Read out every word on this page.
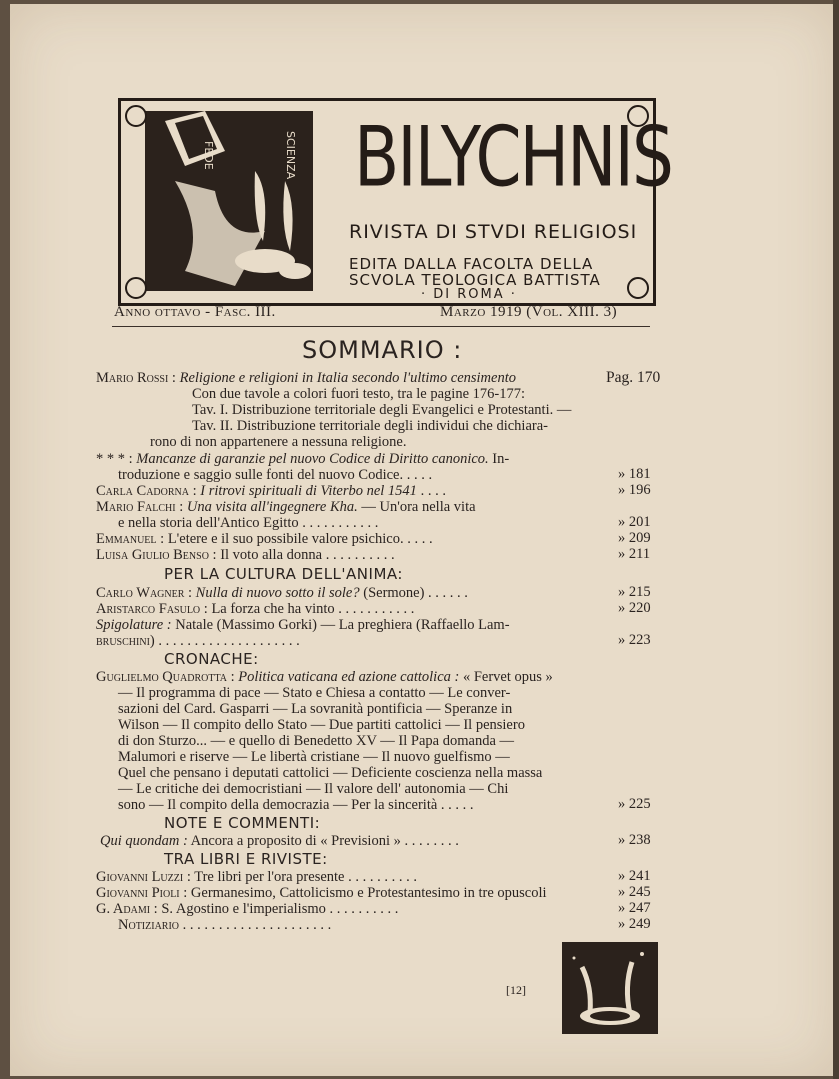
FEDE	SCIENZA BILYCHNIS
RIVISTA DI STVDI RELIGIOSI
EDITA DALLA FACOLTA DELLA
SCVOLA TEOLOGICA BATTISTA
· DI ROMA ·
Anno ottavo - Fasc. III.	Marzo 1919 (Vol. XIII. 3)
SOMMARIO :
Mario Rossi : Religione e religioni in Italia secondo l'ultimo censimento	Pag. 170
Con due tavole a colori fuori testo, tra le pagine 176-177:
Tav. I. Distribuzione territoriale degli Evangelici e Protestanti. —
Tav. II. Distribuzione territoriale degli individui che dichiara-
rono di non appartenere a nessuna religione.
* * * : Mancanze di garanzie pel nuovo Codice di Diritto canonico. In-
troduzione e saggio sulle fonti del nuovo Codice. . . . .	» 181
Carla Cadorna : I ritrovi spirituali di Viterbo nel 1541 . . . .	» 196
Mario Falchi : Una visita all'ingegnere Kha. — Un'ora nella vita
e nella storia dell'Antico Egitto . . . . . . . . . . .	» 201
Emmanuel : L'etere e il suo possibile valore psichico. . . . .	» 209
Luisa Giulio Benso : Il voto alla donna . . . . . . . . . .	» 211
PER LA CULTURA DELL'ANIMA:
Carlo Wagner : Nulla di nuovo sotto il sole? (Sermone) . . . . . .	» 215
Aristarco Fasulo : La forza che ha vinto . . . . . . . . . . .	» 220
Spigolature : Natale (Massimo Gorki) — La preghiera (Raffaello Lam-
bruschini) . . . . . . . . . . . . . . . . . . . .	» 223
CRONACHE:
Guglielmo Quadrotta : Politica vaticana ed azione cattolica : « Fervet opus »
— Il programma di pace — Stato e Chiesa a contatto — Le conver-
sazioni del Card. Gasparri — La sovranità pontificia — Speranze in
Wilson — Il compito dello Stato — Due partiti cattolici — Il pensiero
di don Sturzo... — e quello di Benedetto XV — Il Papa domanda —
Malumori e riserve — Le libertà cristiane — Il nuovo guelfismo —
Quel che pensano i deputati cattolici — Deficiente coscienza nella massa
— Le critiche dei democristiani — Il valore dell' autonomia — Chi
sono — Il compito della democrazia — Per la sincerità . . . . .	» 225
NOTE E COMMENTI:
Qui quondam : Ancora a proposito di « Previsioni » . . . . . . . .	» 238
TRA LIBRI E RIVISTE:
Giovanni Luzzi : Tre libri per l'ora presente . . . . . . . . . .	» 241
Giovanni Pioli : Germanesimo, Cattolicismo e Protestantesimo in tre opuscoli	» 245
G. Adami : S. Agostino e l'imperialismo . . . . . . . . . .	» 247
Notiziario . . . . . . . . . . . . . . . . . . . . .	» 249
[12]
